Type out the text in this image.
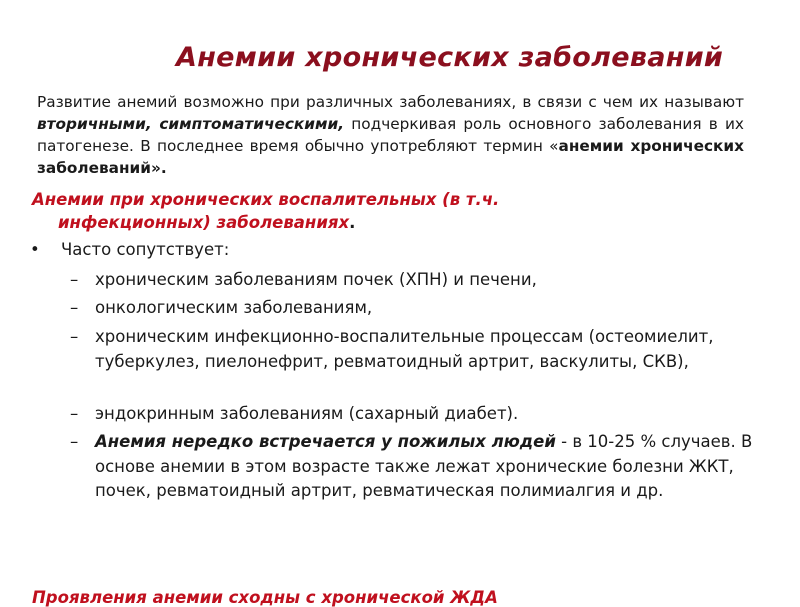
Анемии хронических заболеваний
Развитие анемий возможно при различных заболеваниях, в связи с чем их называют вторичными, симптоматическими, подчеркивая роль основного заболевания в их патогенезе. В последнее время обычно употребляют термин «анемии хронических заболеваний».
Анемии при хронических воспалительных (в т.ч.
инфекционных) заболеваниях.
• Часто сопутствует:
–	хроническим заболеваниям почек (ХПН) и печени,
–	онкологическим заболеваниям,
–	хроническим инфекционно-воспалительные процессам (остеомиелит, туберкулез, пиелонефрит, ревматоидный артрит, васкулиты, СКВ),
–	эндокринным заболеваниям (сахарный диабет).
–	Анемия нередко встречается у пожилых людей - в 10-25 % случаев. В основе анемии в этом возрасте также лежат хронические болезни ЖКТ, почек, ревматоидный артрит, ревматическая полимиалгия и др.
Проявления анемии сходны с хронической ЖДА
